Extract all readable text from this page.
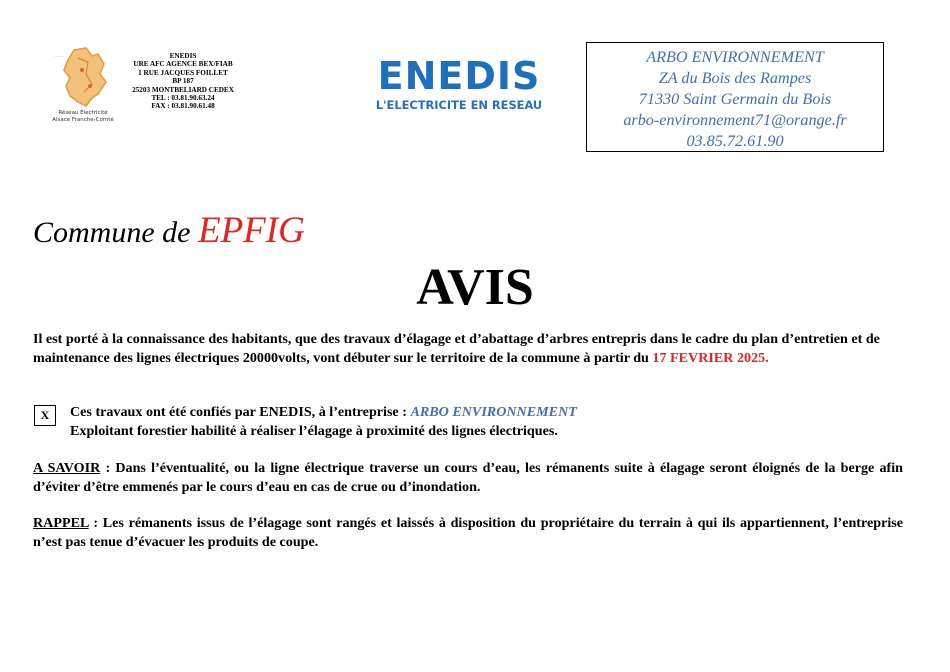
· · · ·
Réseau Électricité
Alsace Franche-Comté
ENEDIS
URE AFC AGENCE BEX/FIAB
1 RUE JACQUES FOILLET
BP 187
25203 MONTBELIARD CEDEX
TEL : 03.81.90.63.24
FAX : 03.81.90.61.48
ENEDIS
L'ELECTRICITE EN RESEAU
ARBO ENVIRONNEMENT
ZA du Bois des Rampes
71330 Saint Germain du Bois
arbo-environnement71@orange.fr
03.85.72.61.90
Commune de EPFIG
AVIS
Il est porté à la connaissance des habitants, que des travaux d’élagage et d’abattage d’arbres entrepris dans le cadre du plan d’entretien et de maintenance des lignes électriques 20000volts, vont débuter sur le territoire de la commune à partir du 17 FEVRIER 2025.
X	Ces travaux ont été confiés par ENEDIS, à l’entreprise : ARBO ENVIRONNEMENT
Exploitant forestier habilité à réaliser l’élagage à proximité des lignes électriques.
A SAVOIR : Dans l’éventualité, ou la ligne électrique traverse un cours d’eau, les rémanents suite à élagage seront éloignés de la berge afin d’éviter d’être emmenés par le cours d’eau en cas de crue ou d’inondation.
RAPPEL : Les rémanents issus de l’élagage sont rangés et laissés à disposition du propriétaire du terrain à qui ils appartiennent, l’entreprise n’est pas tenue d’évacuer les produits de coupe.
